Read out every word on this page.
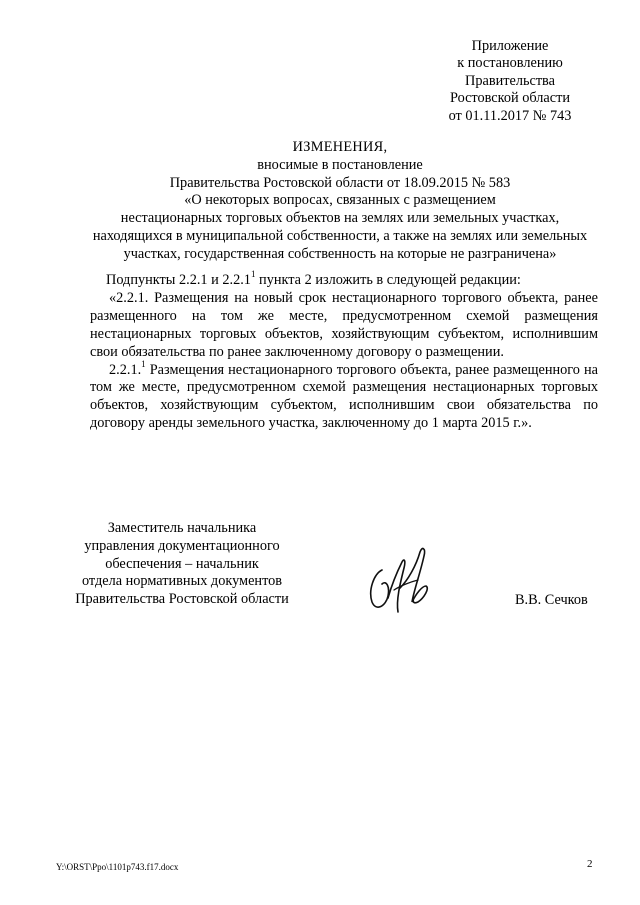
Приложение
к постановлению
Правительства
Ростовской области
от 01.11.2017 № 743
ИЗМЕНЕНИЯ,
вносимые в постановление
Правительства Ростовской области от 18.09.2015 № 583
«О некоторых вопросах, связанных с размещением
нестационарных торговых объектов на землях или земельных участках,
находящихся в муниципальной собственности, а также на землях или земельных
участках, государственная собственность на которые не разграничена»

Подпункты 2.2.1 и 2.2.1$^1$ пункта 2 изложить в следующей редакции:

«2.2.1. Размещения на новый срок нестационарного торгового объекта, ранее размещенного на том же месте, предусмотренном схемой размещения нестационарных торговых объектов, хозяйствующим субъектом, исполнившим свои обязательства по ранее заключенному договору о размещении.

2.2.1.$^1$ Размещения нестационарного торгового объекта, ранее размещенного на том же месте, предусмотренном схемой размещения нестационарных торговых объектов, хозяйствующим субъектом, исполнившим свои обязательства по договору аренды земельного участка, заключенному до 1 марта 2015 г.».

Заместитель начальника
управления документационного
обеспечения – начальник
отдела нормативных документов
Правительства Ростовской области	В.В. Сечков
Y:\ORST\Ppo\1101p743.f17.docx	2
